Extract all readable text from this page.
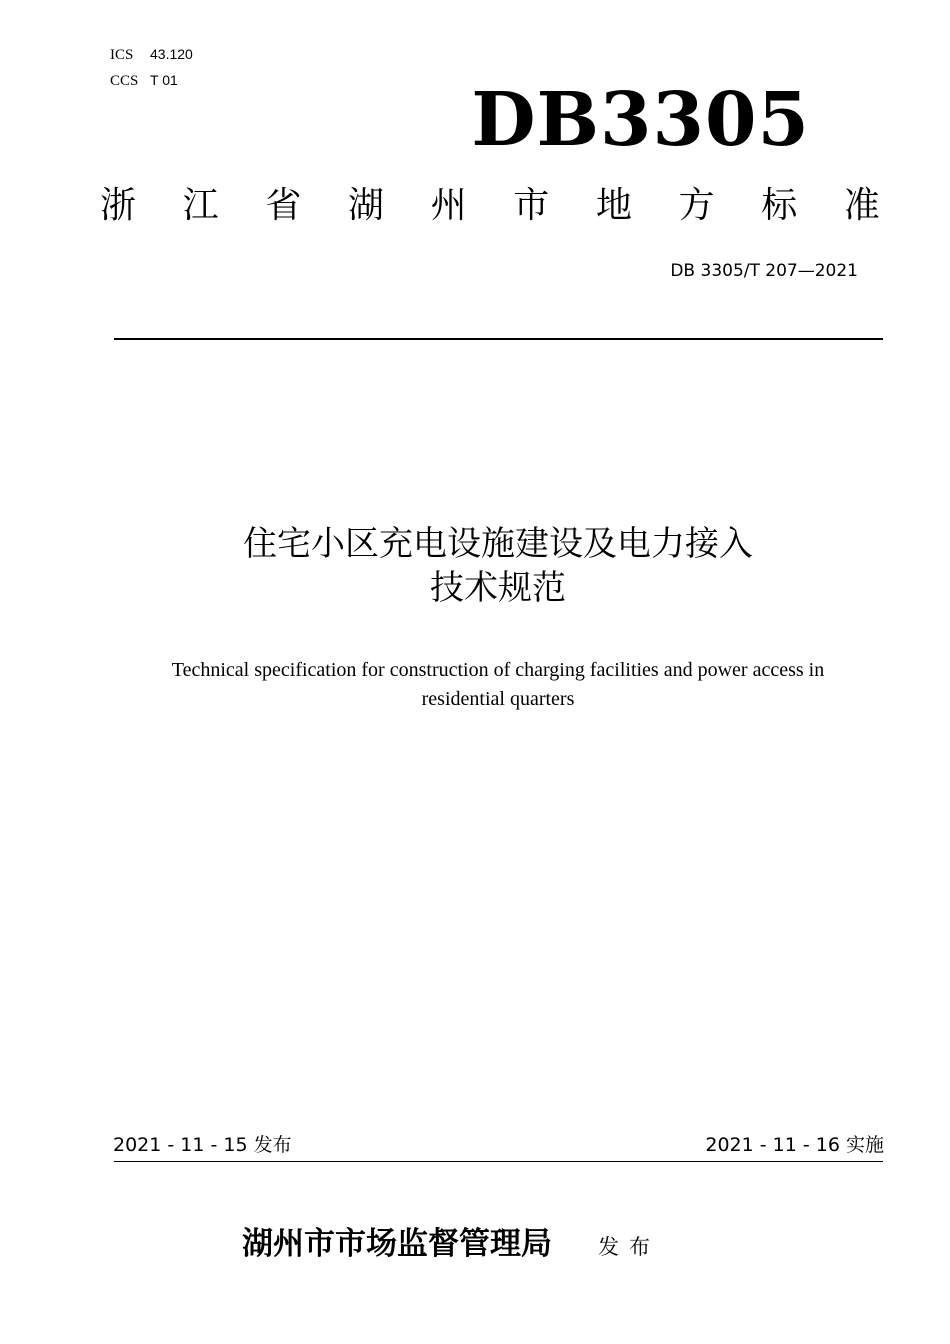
ICS 43.120
CCS T 01	DB3305
浙 江 省 湖 州 市 地 方 标 准
DB 3305/T 207—2021
住宅小区充电设施建设及电力接入
技术规范
Technical specification for construction of charging facilities and power access in
residential quarters
2021 - 11 - 15 发布	2021 - 11 - 16 实施
湖州市市场监督管理局 发布
